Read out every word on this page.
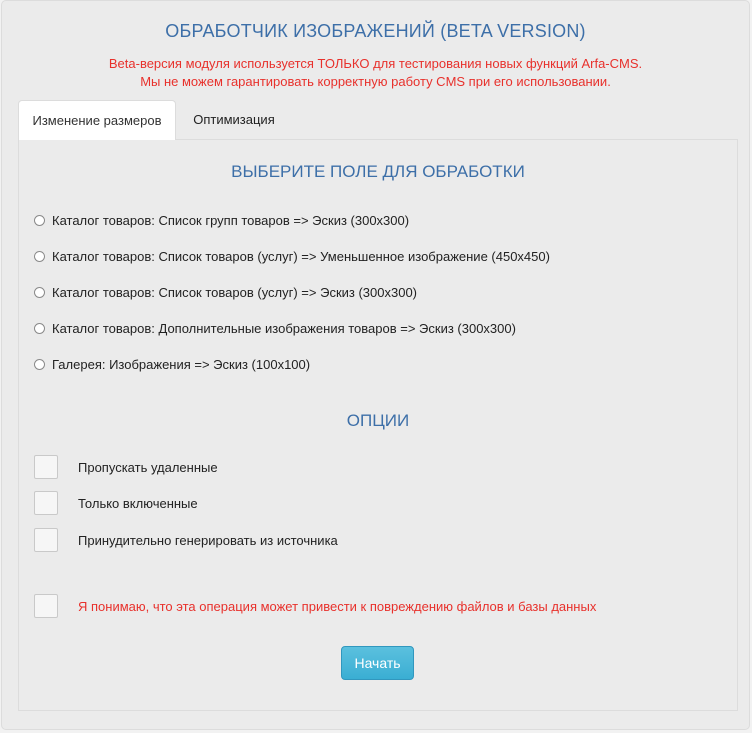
ОБРАБОТЧИК ИЗОБРАЖЕНИЙ (BETA VERSION)
Beta-версия модуля используется ТОЛЬКО для тестирования новых функций Arfa-CMS.
Мы не можем гарантировать корректную работу CMS при его использовании.
Изменение размеров	Оптимизация
ВЫБЕРИТЕ ПОЛЕ ДЛЯ ОБРАБОТКИ
Каталог товаров: Список групп товаров => Эскиз (300x300)
Каталог товаров: Список товаров (услуг) => Уменьшенное изображение (450x450)
Каталог товаров: Список товаров (услуг) => Эскиз (300x300)
Каталог товаров: Дополнительные изображения товаров => Эскиз (300x300)
Галерея: Изображения => Эскиз (100x100)
ОПЦИИ
Пропускать удаленные
Только включенные
Принудительно генерировать из источника
Я понимаю, что эта операция может привести к повреждению файлов и базы данных
Начать
